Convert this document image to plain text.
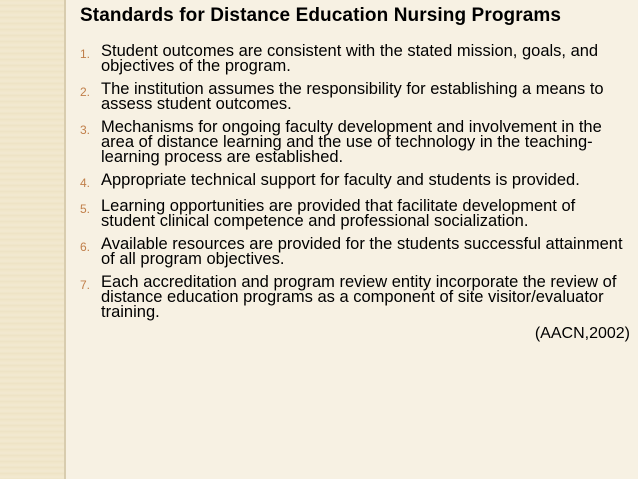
Standards for Distance Education Nursing Programs
1. Student outcomes are consistent with the stated mission, goals, and objectives of the program.
2. The institution assumes the responsibility for establishing a means to assess student outcomes.
3. Mechanisms for ongoing faculty development and involvement in the area of distance learning and the use of technology in the teaching-learning process are established.
4. Appropriate technical support for faculty and students is provided.
5. Learning opportunities are provided that facilitate development of student clinical competence and professional socialization.
6. Available resources are provided for the students successful attainment of all program objectives.
7. Each accreditation and program review entity incorporate the review of distance education programs as a component of site visitor/evaluator training.

(AACN,2002)
